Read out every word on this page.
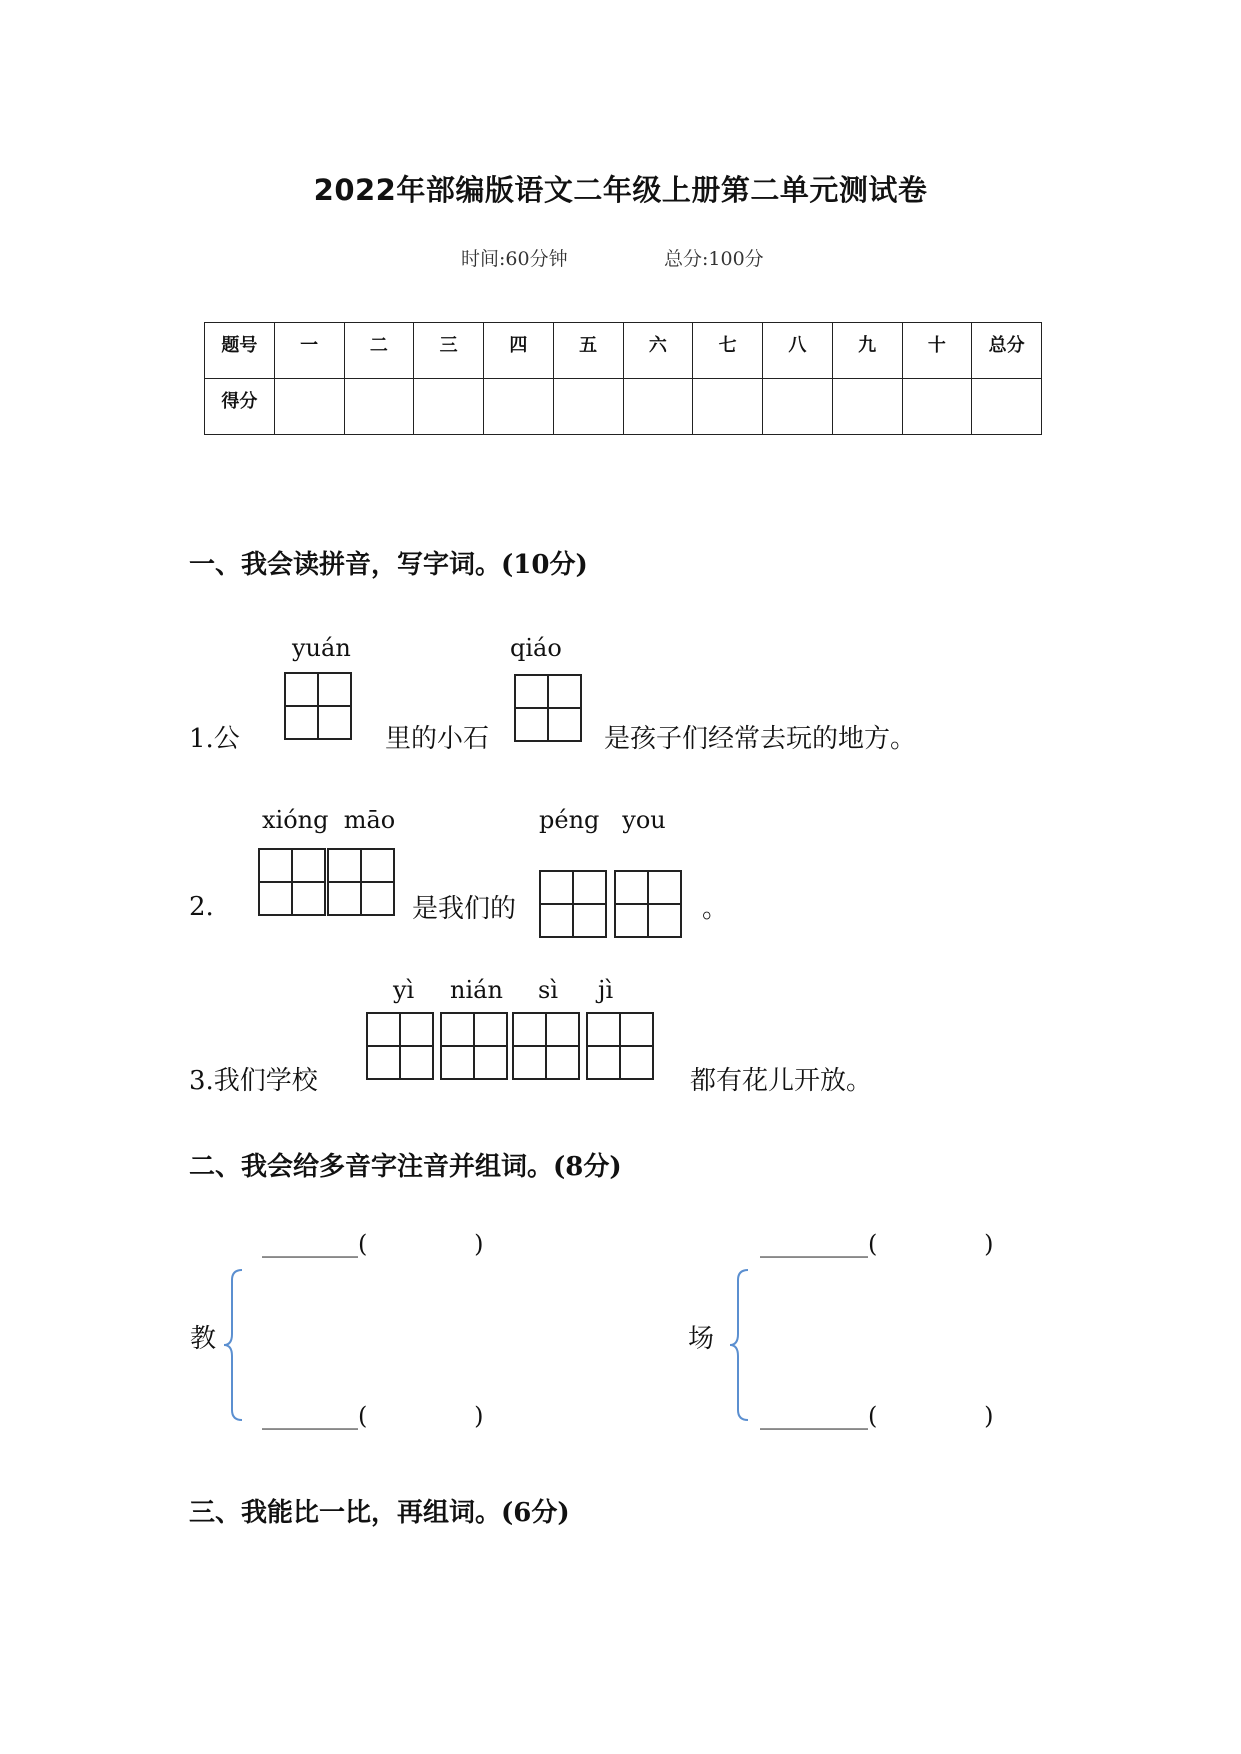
2022年部编版语文二年级上册第二单元测试卷
时间:60分钟	总分:100分
题号	一	二	三	四	五	六	七	八	九	十	总分
得分											
一、我会读拼音，写字词。(10分)
yuán	qiáo
1.公	里的小石	是孩子们经常去玩的地方。
xióng  māo	péng   you
2.	是我们的	。
yì nián sì jì
3.我们学校	都有花儿开放。
二、我会给多音字注音并组词。(8分)
________(              )
________(              )
教
_________(              )
_________(              )
场
三、我能比一比，再组词。(6分)
